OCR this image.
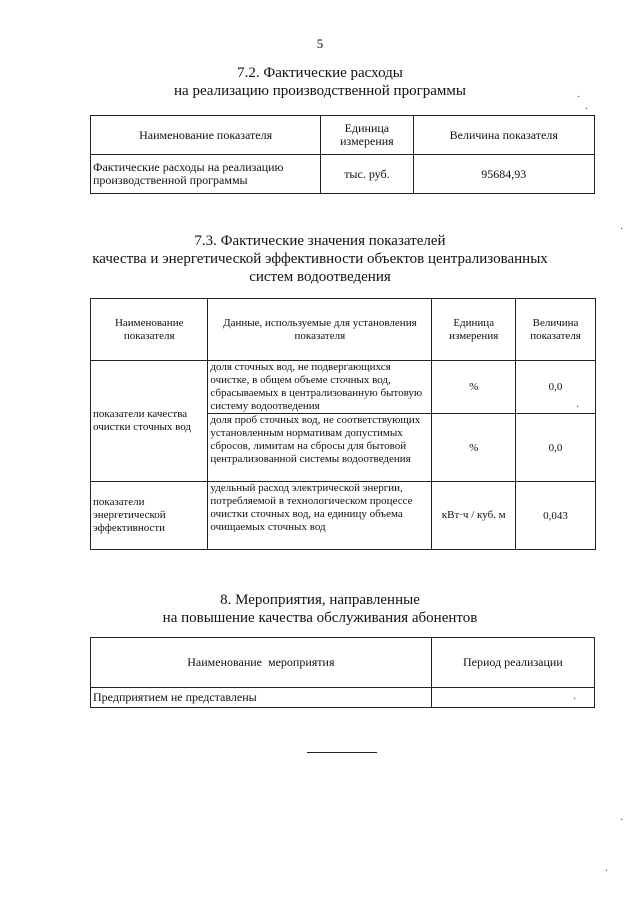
5
7.2. Фактические расходы
на реализацию производственной программы
Наименование показателя	Единица измерения	Величина показателя
Фактические расходы на реализацию производственной программы	тыс. руб.	95684,93
7.3. Фактические значения показателей
качества и энергетической эффективности объектов централизованных
систем водоотведения
Наименование показателя	Данные, используемые для установления показателя	Единица измерения	Величина показателя
показатели качества очистки сточных вод	доля сточных вод, не подвергающихся очистке, в общем объеме сточных вод, сбрасываемых в централизованную бытовую систему водоотведения	%	0,0
	доля проб сточных вод, не соответствующих установленным нормативам допустимых сбросов, лимитам на сбросы для бытовой централизованной системы водоотведения	%	0,0
показатели энергетической эффективности	удельный расход электрической энергии, потребляемой в технологическом процессе очистки сточных вод, на единицу объема очищаемых сточных вод	кВт·ч / куб. м	0,043
8. Мероприятия, направленные
на повышение качества обслуживания абонентов
Наименование  мероприятия	Период реализации
Предприятием не представлены	
·
·
·
·
·
·
·
